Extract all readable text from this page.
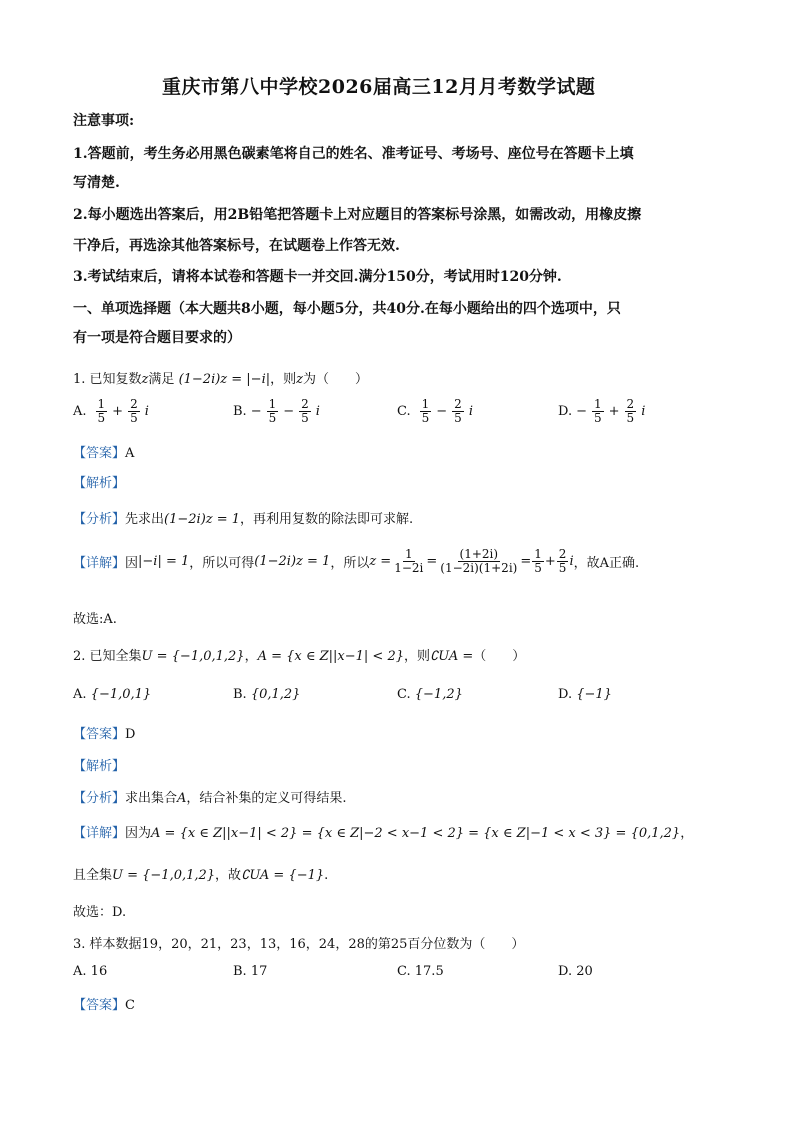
重庆市第八中学校2026届高三12月月考数学试题
注意事项:
1.答题前，考生务必用黑色碳素笔将自己的姓名、准考证号、考场号、座位号在答题卡上填
写清楚.
2.每小题选出答案后，用2B铅笔把答题卡上对应题目的答案标号涂黑，如需改动，用橡皮擦
干净后，再选涂其他答案标号，在试题卷上作答无效.
3.考试结束后，请将本试卷和答题卡一并交回.满分150分，考试用时120分钟.
一、单项选择题（本大题共8小题，每小题5分，共40分.在每小题给出的四个选项中，只
有一项是符合题目要求的）
1. 已知复数z满足 (1−2i)z = |−i|，则z为（　　）
A. $\frac{1}{5} + \frac{2}{5}$ i	B. − $\frac{1}{5} - \frac{2}{5}$ i	C. $\frac{1}{5} - \frac{2}{5}$ i	D. − $\frac{1}{5} + \frac{2}{5}$ i
【答案】A
【解析】
【分析】先求出(1−2i)z = 1，再利用复数的除法即可求解.
【详解】 因 |−i| = 1 ，所以可得 (1−2i)z = 1 ，所以 $z = \frac{1}{1-2i} = \frac{(1+2i)}{(1-2i)(1+2i)} = \frac{1}{5} + \frac{2}{5}$ i ，故A正确.
故选:A.
2. 已知全集U = {−1,0,1,2}，A = {x ∈ Z||x−1| < 2}，则∁UA =（　　）
A. {−1,0,1}	B. {0,1,2}	C. {−1,2}	D. {−1}
【答案】D
【解析】
【分析】求出集合A，结合补集的定义可得结果.
【详解】因为A = {x ∈ Z||x−1| < 2} = {x ∈ Z|−2 < x−1 < 2} = {x ∈ Z|−1 < x < 3} = {0,1,2}，
且全集U = {−1,0,1,2}，故∁UA = {−1}.
故选：D.
3. 样本数据19，20，21，23，13，16，24，28的第25百分位数为（　　）
A. 16	B. 17	C. 17.5	D. 20
【答案】C
